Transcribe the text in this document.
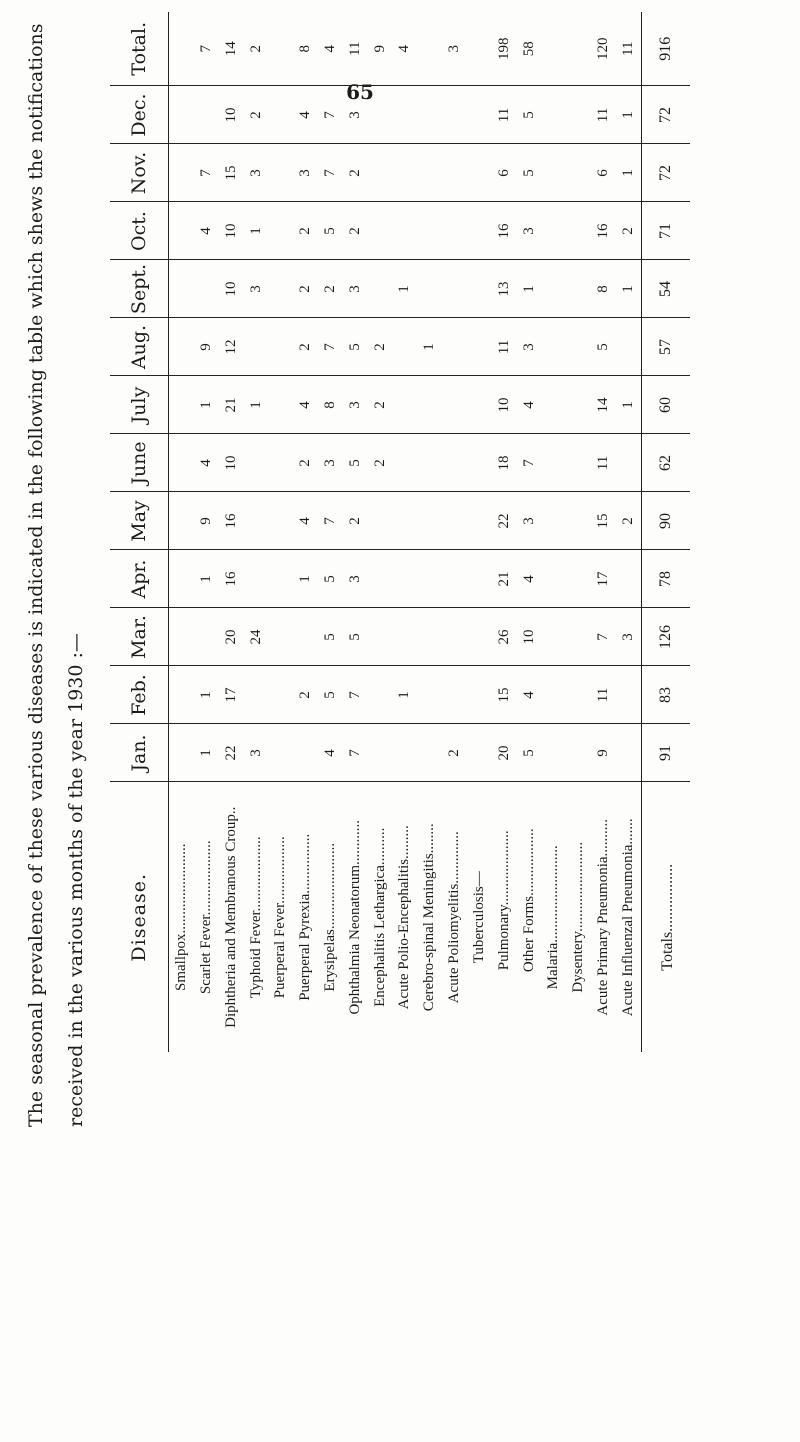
65
The seasonal prevalence of these various diseases is indicated in the following table which shews the notifications received in the various months of the year 1930 :—	Disease.	Jan.	Feb.	Mar.	Apr.	May	June	July	Aug.	Sept.	Oct.	Nov.	Dec.	Total.
Smallpox........................													
Scarlet Fever....................	1	1		1	9	4	1	9		4	7		7
Diphtheria and Membranous Croup..	22	17	20	16	16	10	21	12	10	10	15	10	14
Typhoid Fever....................	3		24				1		3	1	3	2	2
Puerperal Fever..................													
Puerperal Pyrexia................		2		1	4	2	4	2	2	2	3	4	8
Erysipelas.......................	4	5	5	5	7	3	8	7	2	5	7	7	4
Ophthalmia Neonatorum............	7	7	5	3	2	5	3	5	3	2	2	3	11
Encephalitis Lethargica..........						2	2	2					9
Acute Polio-Encephalitis.........		1							1				4
Cerebro-spinal Meningitis........								1					
Acute Poliomyelitis..............	2												3
Tuberculosis—													
Pulmonary....................	20	15	26	21	22	18	10	11	13	16	6	11	198
Other Forms..................	5	4	10	4	3	7	4	3	1	3	5	5	58
Malaria..........................													
Dysentery........................													
Acute Primary Pneumonia..........	9	11	7	17	15	11	14	5	8	16	6	11	120
Acute Influenzal Pneumonia.......			3		2		1		1	2	1	1	11
Totals.................	91	83	126	78	90	62	60	57	54	71	72	72	916
